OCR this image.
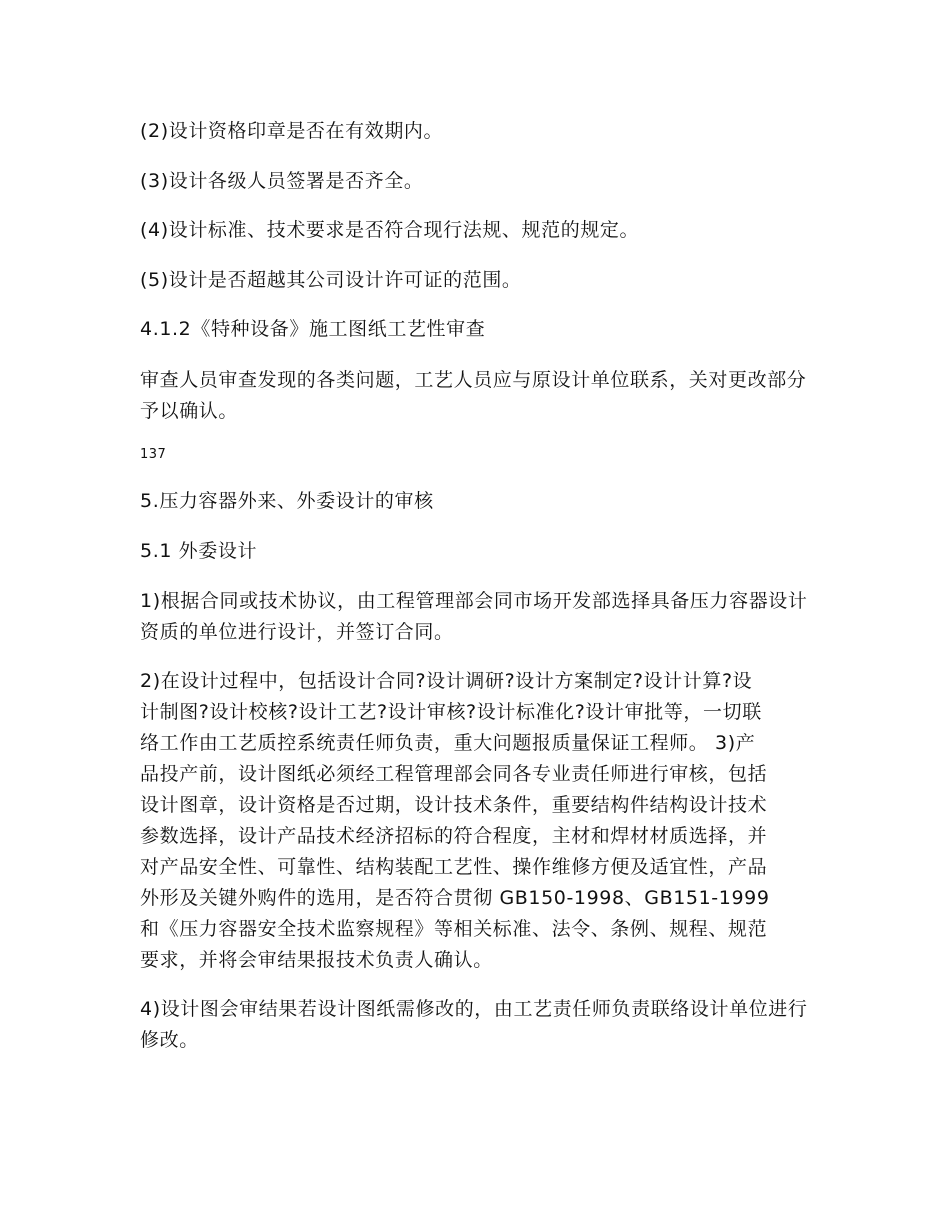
(2)设计资格印章是否在有效期内。
(3)设计各级人员签署是否齐全。
(4)设计标准、技术要求是否符合现行法规、规范的规定。
(5)设计是否超越其公司设计许可证的范围。
4.1.2《特种设备》施工图纸工艺性审查
审查人员审查发现的各类问题，工艺人员应与原设计单位联系，关对更改部分予以确认。
137
5.压力容器外来、外委设计的审核
5.1 外委设计
1)根据合同或技术协议，由工程管理部会同市场开发部选择具备压力容器设计资质的单位进行设计，并签订合同。
2)在设计过程中，包括设计合同?设计调研?设计方案制定?设计计算?设
计制图?设计校核?设计工艺?设计审核?设计标准化?设计审批等，一切联
络工作由工艺质控系统责任师负责，重大问题报质量保证工程师。 3)产
品投产前，设计图纸必须经工程管理部会同各专业责任师进行审核，包括
设计图章，设计资格是否过期，设计技术条件，重要结构件结构设计技术
参数选择，设计产品技术经济招标的符合程度，主材和焊材材质选择，并
对产品安全性、可靠性、结构装配工艺性、操作维修方便及适宜性，产品
外形及关键外购件的选用，是否符合贯彻 GB150-1998、GB151-1999
和《压力容器安全技术监察规程》等相关标准、法令、条例、规程、规范
要求，并将会审结果报技术负责人确认。
4)设计图会审结果若设计图纸需修改的，由工艺责任师负责联络设计单位进行修改。
